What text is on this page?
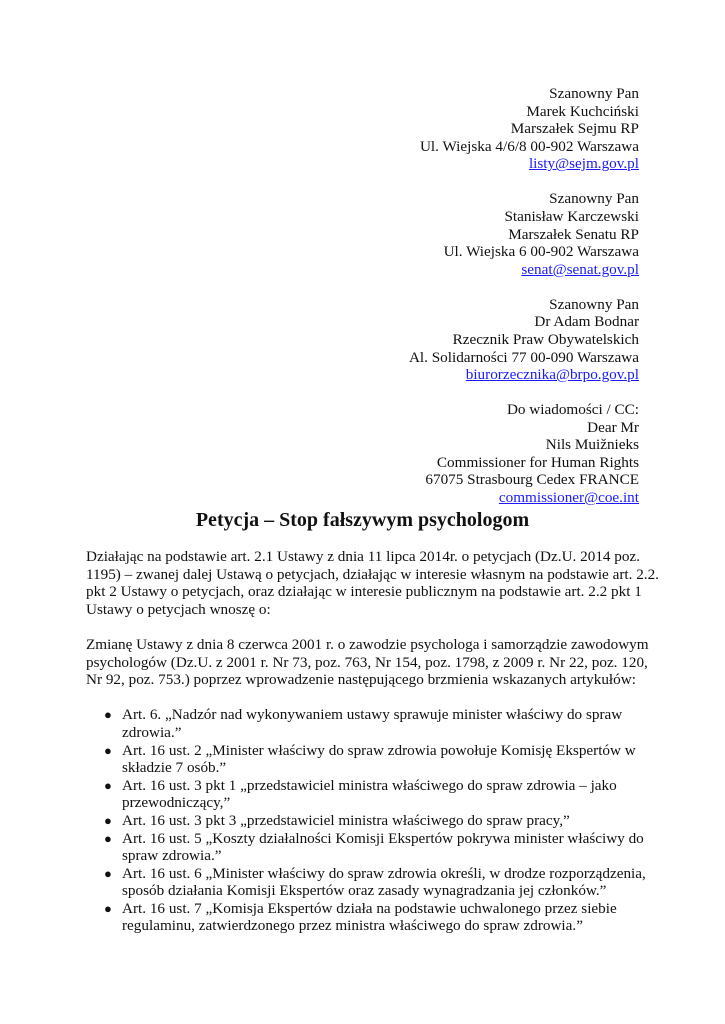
Szanowny Pan
Marek Kuchciński
Marszałek Sejmu RP
Ul. Wiejska 4/6/8 00-902 Warszawa
listy@sejm.gov.pl
Szanowny Pan
Stanisław Karczewski
Marszałek Senatu RP
Ul. Wiejska 6 00-902 Warszawa
senat@senat.gov.pl
Szanowny Pan
Dr Adam Bodnar
Rzecznik Praw Obywatelskich
Al. Solidarności 77 00-090 Warszawa
biurorzecznika@brpo.gov.pl
Do wiadomości / CC:
Dear Mr
Nils Muižnieks
Commissioner for Human Rights
67075 Strasbourg Cedex FRANCE
commissioner@coe.int
Petycja – Stop fałszywym psychologom

Działając na podstawie art. 2.1 Ustawy z dnia 11 lipca 2014r. o petycjach (Dz.U. 2014 poz.
1195) – zwanej dalej Ustawą o petycjach, działając w interesie własnym na podstawie art. 2.2.
pkt 2 Ustawy o petycjach, oraz działając w interesie publicznym na podstawie art. 2.2 pkt 1
Ustawy o petycjach wnoszę o:

Zmianę Ustawy z dnia 8 czerwca 2001 r. o zawodzie psychologa i samorządzie zawodowym
psychologów (Dz.U. z 2001 r. Nr 73, poz. 763, Nr 154, poz. 1798, z 2009 r. Nr 22, poz. 120,
Nr 92, poz. 753.) poprzez wprowadzenie następującego brzmienia wskazanych artykułów:

● Art. 6. „Nadzór nad wykonywaniem ustawy sprawuje minister właściwy do spraw
zdrowia.”
● Art. 16 ust. 2 „Minister właściwy do spraw zdrowia powołuje Komisję Ekspertów w
składzie 7 osób.”
● Art. 16 ust. 3 pkt 1 „przedstawiciel ministra właściwego do spraw zdrowia – jako
przewodniczący,”
● Art. 16 ust. 3 pkt 3 „przedstawiciel ministra właściwego do spraw pracy,”
● Art. 16 ust. 5 „Koszty działalności Komisji Ekspertów pokrywa minister właściwy do
spraw zdrowia.”
● Art. 16 ust. 6 „Minister właściwy do spraw zdrowia określi, w drodze rozporządzenia,
sposób działania Komisji Ekspertów oraz zasady wynagradzania jej członków.”
● Art. 16 ust. 7 „Komisja Ekspertów działa na podstawie uchwalonego przez siebie
regulaminu, zatwierdzonego przez ministra właściwego do spraw zdrowia.”
